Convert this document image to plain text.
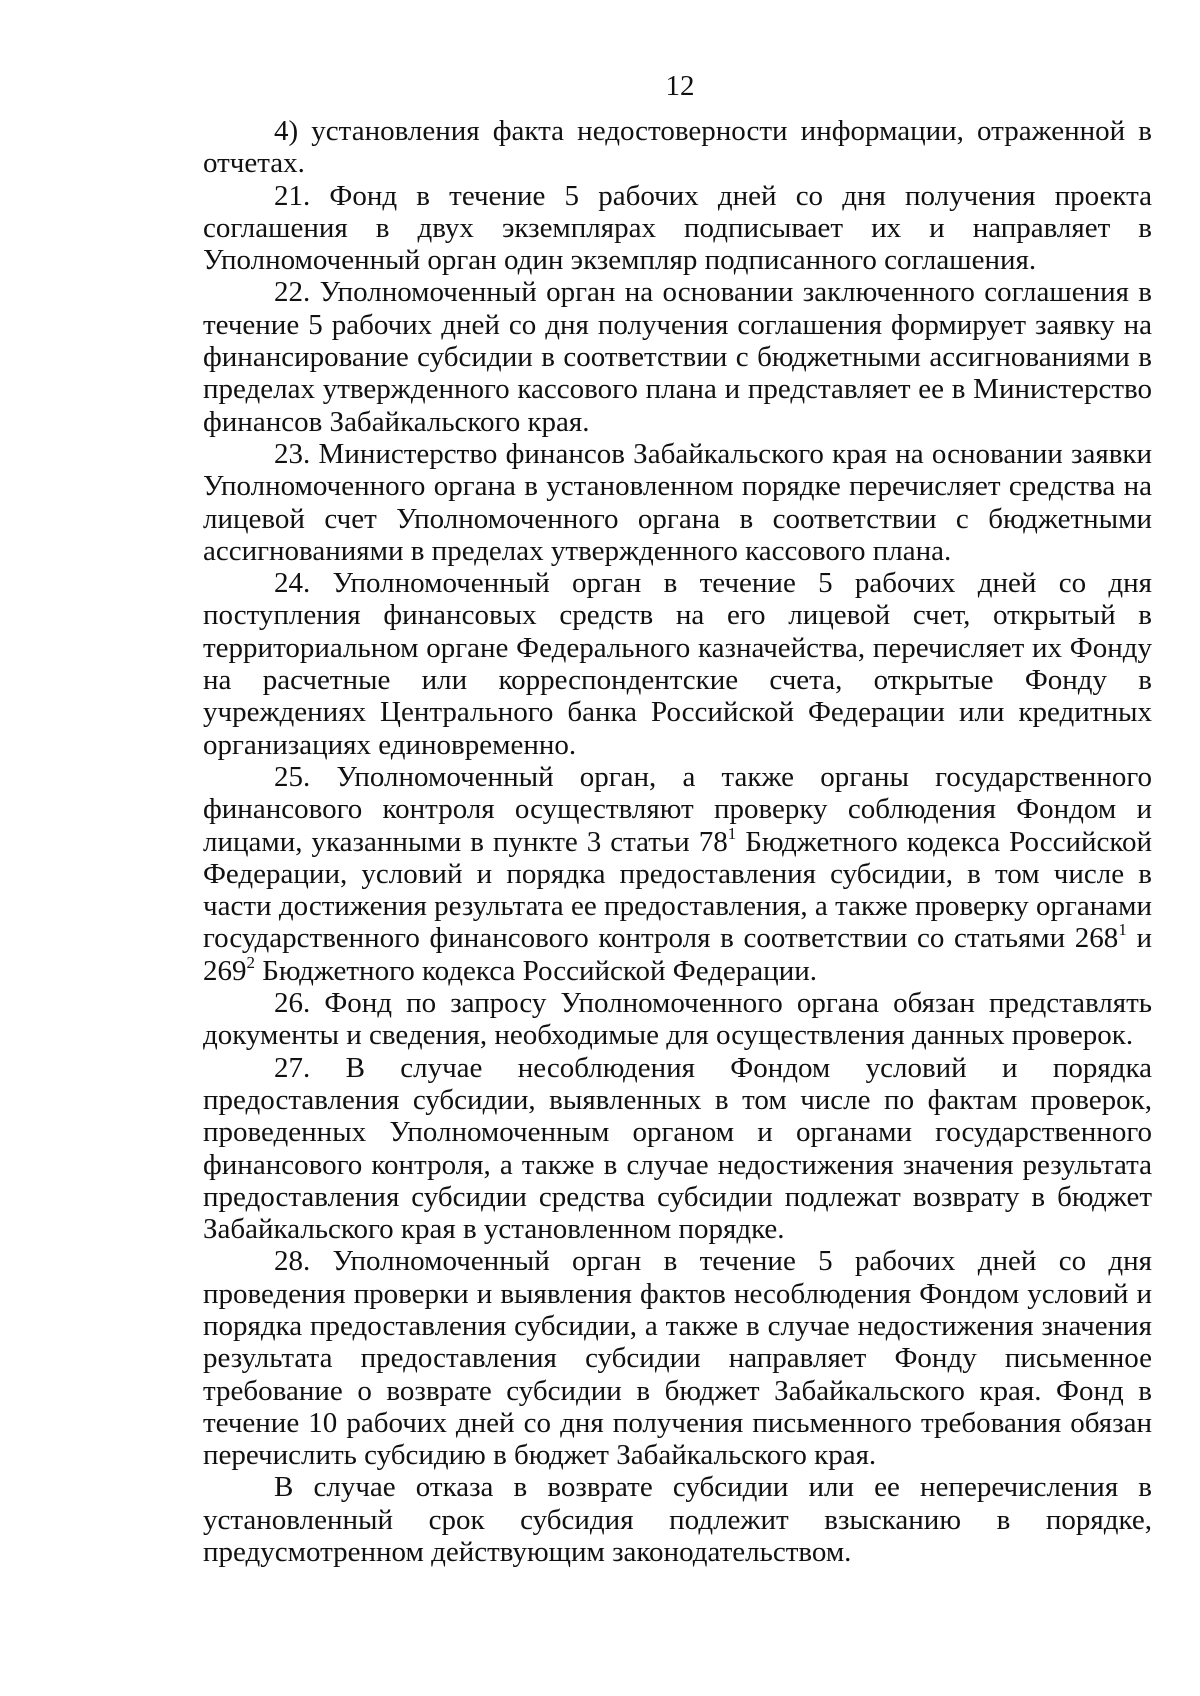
12

4) установления факта недостоверности информации, отраженной в отчетах.

21. Фонд в течение 5 рабочих дней со дня получения проекта соглашения в двух экземплярах подписывает их и направляет в Уполномоченный орган один экземпляр подписанного соглашения.

22. Уполномоченный орган на основании заключенного соглашения в течение 5 рабочих дней со дня получения соглашения формирует заявку на финансирование субсидии в соответствии с бюджетными ассигнованиями в пределах утвержденного кассового плана и представляет ее в Министерство финансов Забайкальского края.

23. Министерство финансов Забайкальского края на основании заявки Уполномоченного органа в установленном порядке перечисляет средства на лицевой счет Уполномоченного органа в соответствии с бюджетными ассигнованиями в пределах утвержденного кассового плана.

24. Уполномоченный орган в течение 5 рабочих дней со дня поступления финансовых средств на его лицевой счет, открытый в территориальном органе Федерального казначейства, перечисляет их Фонду на расчетные или корреспондентские счета, открытые Фонду в учреждениях Центрального банка Российской Федерации или кредитных организациях единовременно.

25. Уполномоченный орган, а также органы государственного финансового контроля осуществляют проверку соблюдения Фондом и лицами, указанными в пункте 3 статьи $78^1$ Бюджетного кодекса Российской Федерации, условий и порядка предоставления субсидии, в том числе в части достижения результата ее предоставления, а также проверку органами государственного финансового контроля в соответствии со статьями $268^1$ и $269^2$ Бюджетного кодекса Российской Федерации.

26. Фонд по запросу Уполномоченного органа обязан представлять документы и сведения, необходимые для осуществления данных проверок.

27. В случае несоблюдения Фондом условий и порядка предоставления субсидии, выявленных в том числе по фактам проверок, проведенных Уполномоченным органом и органами государственного финансового контроля, а также в случае недостижения значения результата предоставления субсидии средства субсидии подлежат возврату в бюджет Забайкальского края в установленном порядке.

28. Уполномоченный орган в течение 5 рабочих дней со дня проведения проверки и выявления фактов несоблюдения Фондом условий и порядка предоставления субсидии, а также в случае недостижения значения результата предоставления субсидии направляет Фонду письменное требование о возврате субсидии в бюджет Забайкальского края. Фонд в течение 10 рабочих дней со дня получения письменного требования обязан перечислить субсидию в бюджет Забайкальского края.

В случае отказа в возврате субсидии или ее неперечисления в установленный срок субсидия подлежит взысканию в порядке, предусмотренном действующим законодательством.
